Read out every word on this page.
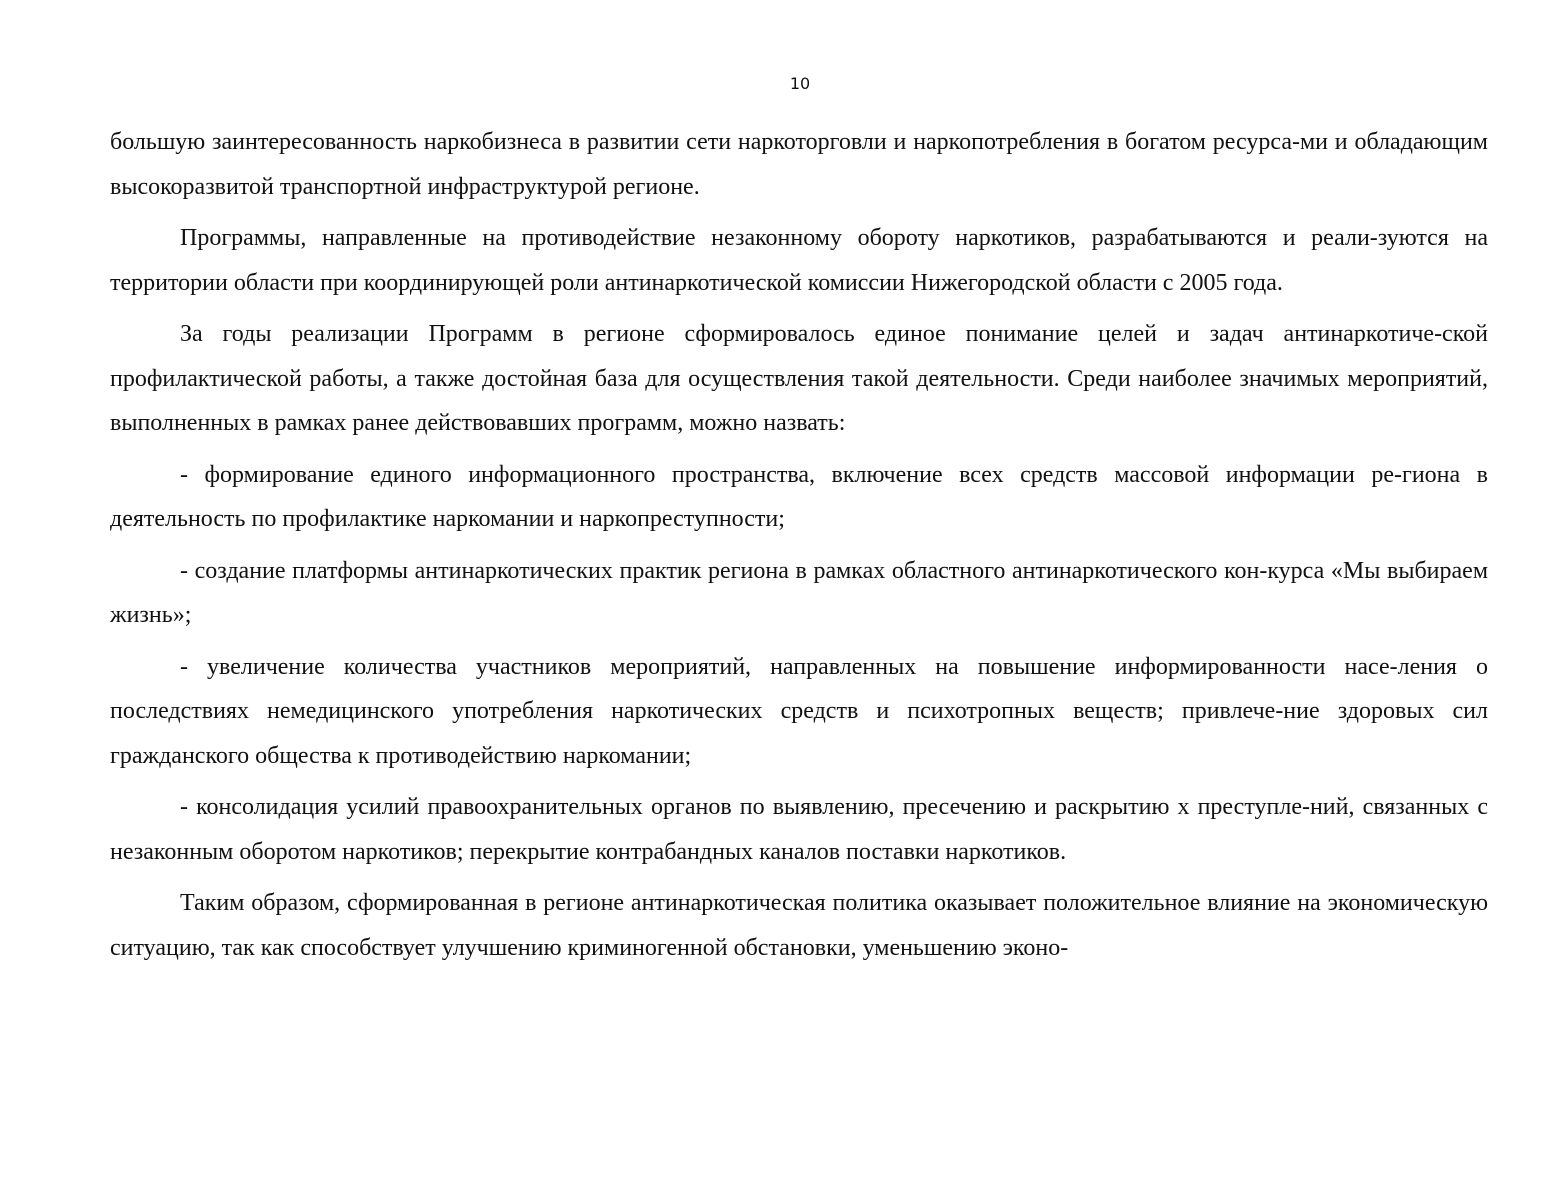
10

большую заинтересованность наркобизнеса в развитии сети наркоторговли и наркопотребления в богатом ресурса-ми и обладающим высокоразвитой транспортной инфраструктурой регионе.

Программы, направленные на противодействие незаконному обороту наркотиков, разрабатываются и реали-зуются на территории области при координирующей роли антинаркотической комиссии Нижегородской области с 2005 года.

За годы реализации Программ в регионе сформировалось единое понимание целей и задач антинаркотиче-ской профилактической работы, а также достойная база для осуществления такой деятельности. Среди наиболее значимых мероприятий, выполненных в рамках ранее действовавших программ, можно назвать:

- формирование единого информационного пространства, включение всех средств массовой информации ре-гиона в деятельность по профилактике наркомании и наркопреступности;

- создание платформы антинаркотических практик региона в рамках областного антинаркотического кон-курса «Мы выбираем жизнь»;

- увеличение количества участников мероприятий, направленных на повышение информированности насе-ления о последствиях немедицинского употребления наркотических средств и психотропных веществ; привлече-ние здоровых сил гражданского общества к противодействию наркомании;

- консолидация усилий правоохранительных органов по выявлению, пресечению и раскрытию х преступле-ний, связанных с незаконным оборотом наркотиков; перекрытие контрабандных каналов поставки наркотиков.

Таким образом, сформированная в регионе антинаркотическая политика оказывает положительное влияние на экономическую ситуацию, так как способствует улучшению криминогенной обстановки, уменьшению эконо-
